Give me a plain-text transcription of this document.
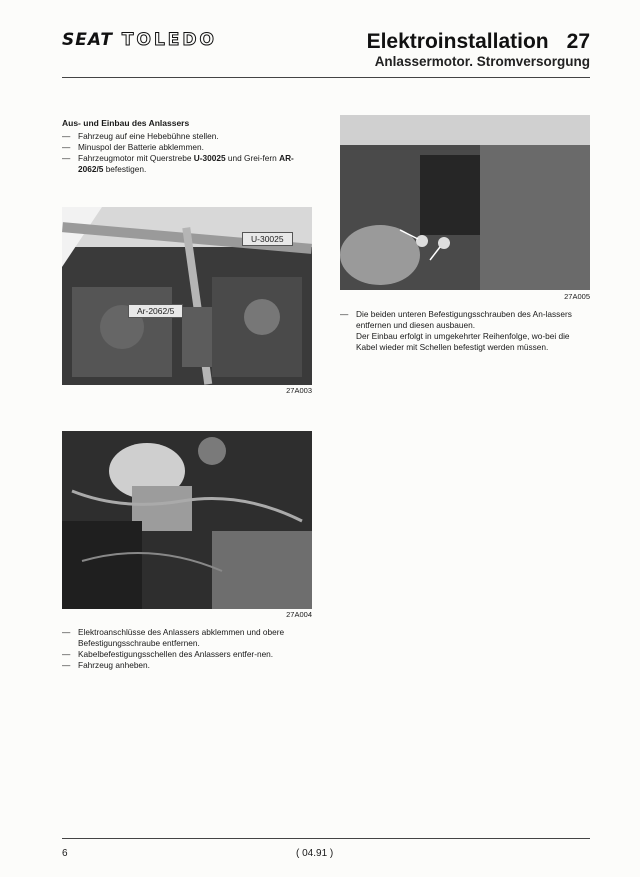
SEAT TOLEDO	Elektroinstallation 27
Anlassermotor. Stromversorgung
Aus- und Einbau des Anlassers
— Fahrzeug auf eine Hebebühne stellen.
— Minuspol der Batterie abklemmen.
— Fahrzeugmotor mit Querstrebe U-30025 und Grei-fern AR-2062/5 befestigen.
U-30025
Ar-2062/5
27A003
27A004
— Elektroanschlüsse des Anlassers abklemmen und obere Befestigungsschraube entfernen.
— Kabelbefestigungsschellen des Anlassers entfer-nen.
— Fahrzeug anheben.
27A005
— Die beiden unteren Befestigungsschrauben des An-lassers entfernen und diesen ausbauen.
Der Einbau erfolgt in umgekehrter Reihenfolge, wo-bei die Kabel wieder mit Schellen befestigt werden müssen.
6	( 04.91 )
